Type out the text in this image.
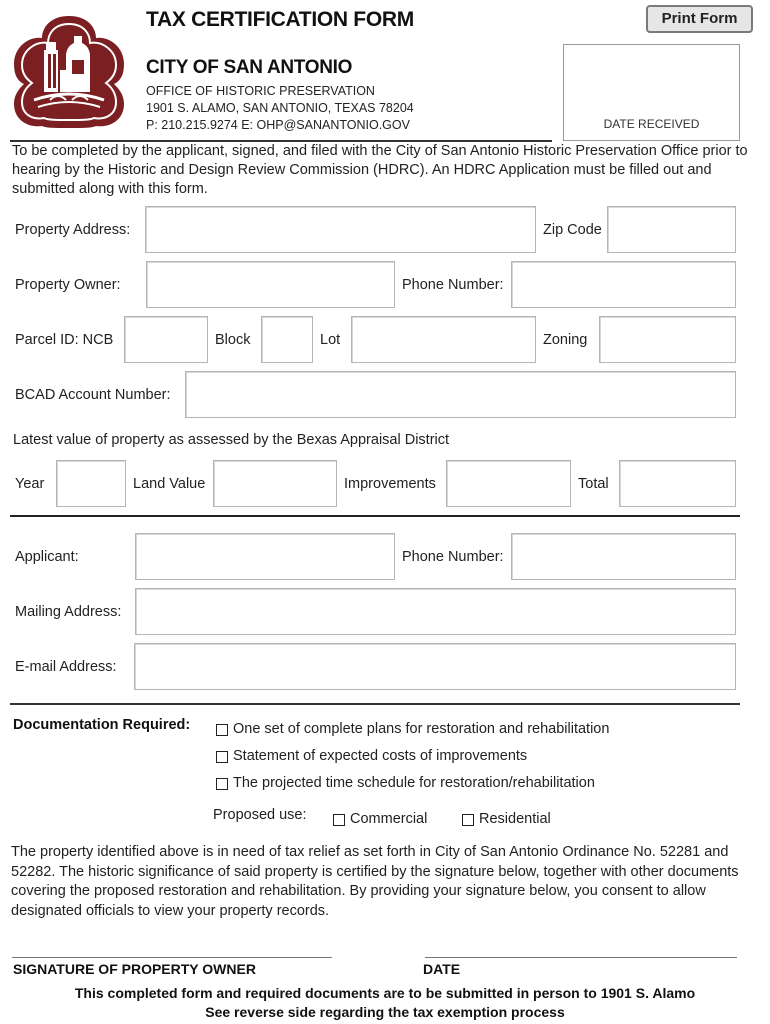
TAX CERTIFICATION FORM	Print Form
CITY OF SAN ANTONIO
OFFICE OF HISTORIC PRESERVATION
1901 S. ALAMO, SAN ANTONIO, TEXAS 78204
P: 210.215.9274 E: OHP@SANANTONIO.GOV	DATE RECEIVED
To be completed by the applicant, signed, and filed with the City of San Antonio Historic Preservation Office prior to hearing by the Historic and Design Review Commission (HDRC). An HDRC Application must be filled out and submitted along with this form.
Property Address:	Zip Code
Property Owner:	Phone Number:
Parcel ID: NCB	Block	Lot	Zoning
BCAD Account Number:
Latest value of property as assessed by the Bexas Appraisal District
Year	Land Value	Improvements	Total
Applicant:	Phone Number:
Mailing Address:
E-mail Address:
Documentation Required:	One set of complete plans for restoration and rehabilitation
Statement of expected costs of improvements
The projected time schedule for restoration/rehabilitation
Proposed use:	Commercial	Residential
The property identified above is in need of tax relief as set forth in City of San Antonio Ordinance No. 52281 and 52282. The historic significance of said property is certified by the signature below, together with other documents covering the proposed restoration and rehabilitation. By providing your signature below, you consent to allow designated officials to view your property records.
SIGNATURE OF PROPERTY OWNER	DATE
This completed form and required documents are to be submitted in person to 1901 S. Alamo
See reverse side regarding the tax exemption process
